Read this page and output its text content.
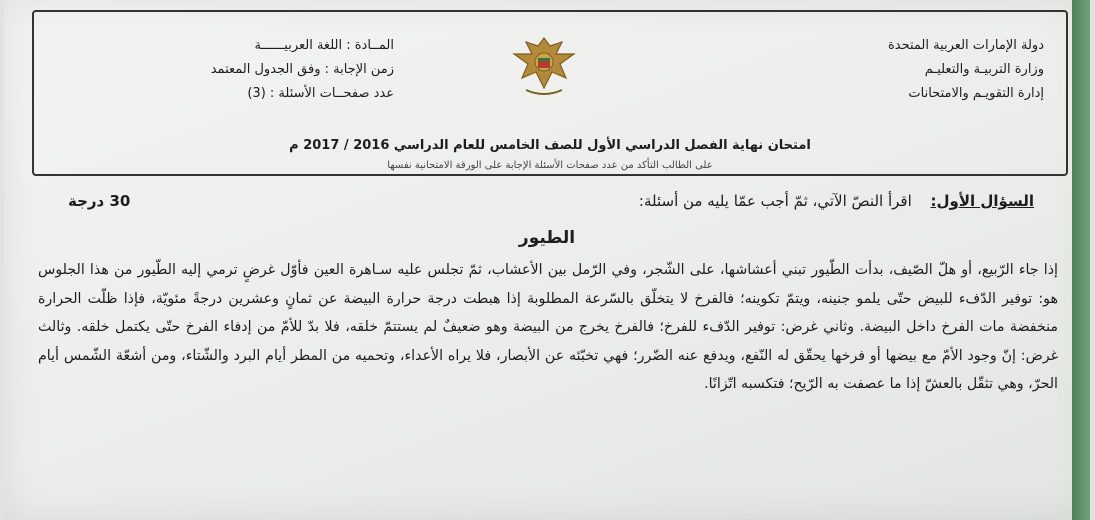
دولة الإمارات العربية المتحدة
وزارة التربيـة والتعليـم
إدارة التقويـم والامتحانات
المــادة : اللغة العربيــــــة
زمن الإجابة : وفق الجدول المعتمد
عدد صفحــات الأسئلة : (3)
امتحان نهاية الفصل الدراسي الأول للصف الخامس للعام الدراسي 2016 / 2017 م
على الطالب التأكد من عدد صفحات الأسئلة الإجابة على الورقة الامتحانية نفسها
السؤال الأول: اقرأ النصّ الآتي، ثمّ أجب عمّا يليه من أسئلة:
30 درجة
الطيور

إذا جاء الرّبيع، أو هلّ الصّيف، بدأت الطّيور تبني أعشاشها، على الشّجر، وفي الرّمل بين الأعشاب، ثمّ تجلس عليه سـاهرة العين فأوّل غرضٍ ترمي إليه الطّيور من هذا الجلوس هو: توفير الدّفء للبيض حتّى يلمو جنينه، ويتمّ تكوينه؛ فالفرخ لا يتخلّق بالسّرعة المطلوبة إذا هبطت درجة حرارة البيضة عن ثمانٍ وعشرين درجةً مئويّة، فإذا ظلّت الحرارة منخفضة مات الفرخ داخل البيضة. وثاني غرض: توفير الدّفء للفرخ؛ فالفرخ يخرج من البيضة وهو ضعيفٌ لم يستتمّ خلقه، فلا بدّ للأمّ من إدفاء الفرخ حتّى يكتمل خلقه. وثالث غرض: إنّ وجود الأمّ مع بيضها أو فرخها يحقّق له النّفع، ويدفع عنه الضّرر؛ فهي تخبّئه عن الأبصار، فلا يراه الأعداء، وتحميه من المطر أيام البرد والشّتاء، ومن أشعّة الشّمس أيام الحرّ، وهي تثقّل بالعشّ إذا ما عصفت به الرّيح؛ فتكسبه اتّزانًا.
